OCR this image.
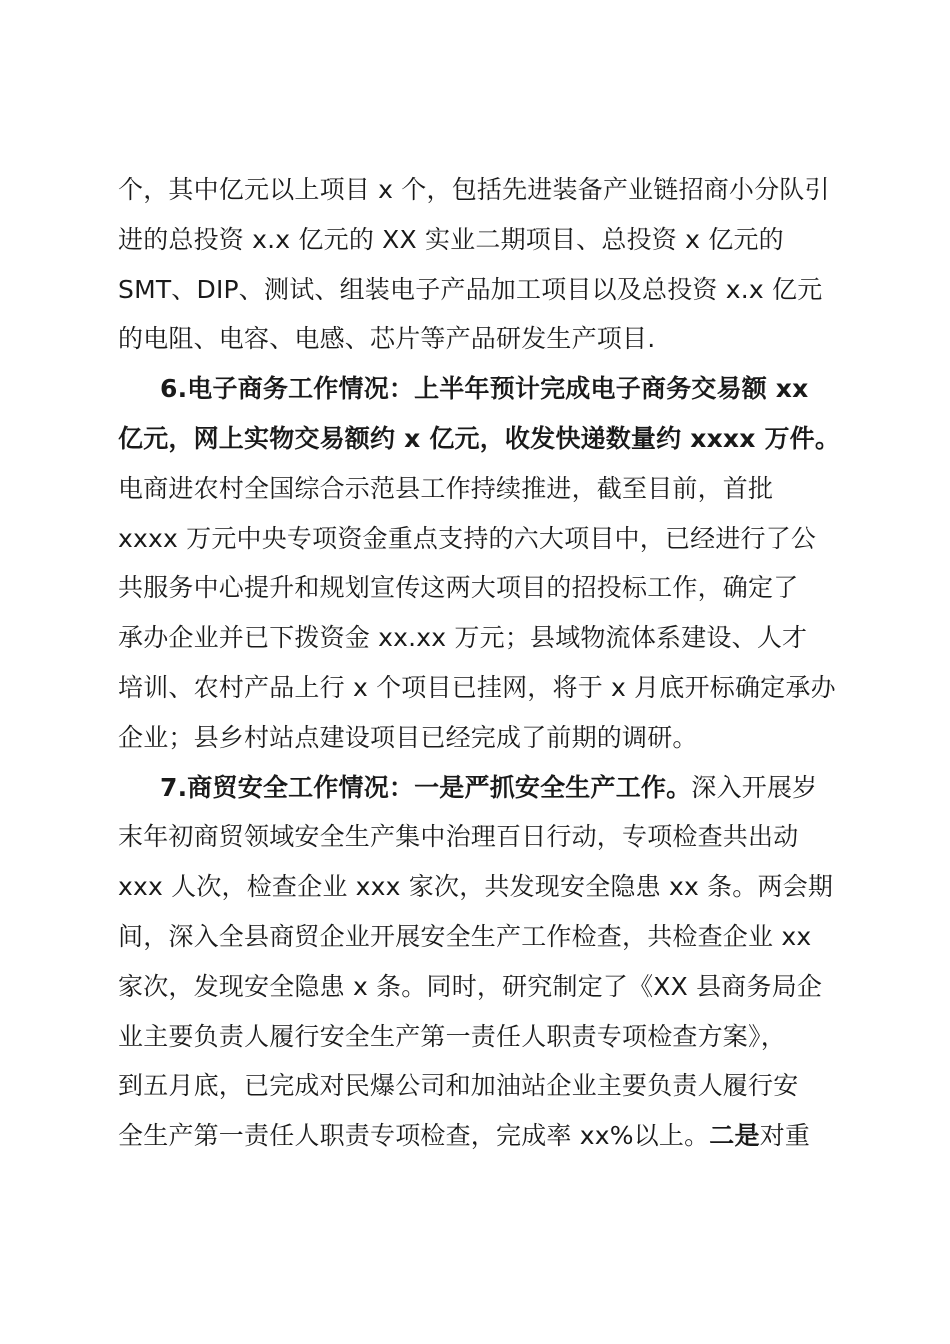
个，其中亿元以上项目 x 个，包括先进装备产业链招商小分队引
进的总投资 x.x 亿元的 XX 实业二期项目、总投资 x 亿元的
SMT、DIP、测试、组装电子产品加工项目以及总投资 x.x 亿元
的电阻、电容、电感、芯片等产品研发生产项目.
6.电子商务工作情况：上半年预计完成电子商务交易额 xx
亿元，网上实物交易额约 x 亿元，收发快递数量约 xxxx 万件。
电商进农村全国综合示范县工作持续推进，截至目前，首批
xxxx 万元中央专项资金重点支持的六大项目中，已经进行了公
共服务中心提升和规划宣传这两大项目的招投标工作，确定了
承办企业并已下拨资金 xx.xx 万元；县域物流体系建设、人才
培训、农村产品上行 x 个项目已挂网，将于 x 月底开标确定承办
企业；县乡村站点建设项目已经完成了前期的调研。
7.商贸安全工作情况：一是严抓安全生产工作。深入开展岁
末年初商贸领域安全生产集中治理百日行动，专项检查共出动
xxx 人次，检查企业 xxx 家次，共发现安全隐患 xx 条。两会期
间，深入全县商贸企业开展安全生产工作检查，共检查企业 xx
家次，发现安全隐患 x 条。同时，研究制定了《XX 县商务局企
业主要负责人履行安全生产第一责任人职责专项检查方案》，
到五月底，已完成对民爆公司和加油站企业主要负责人履行安
全生产第一责任人职责专项检查，完成率 xx%以上。二是对重
